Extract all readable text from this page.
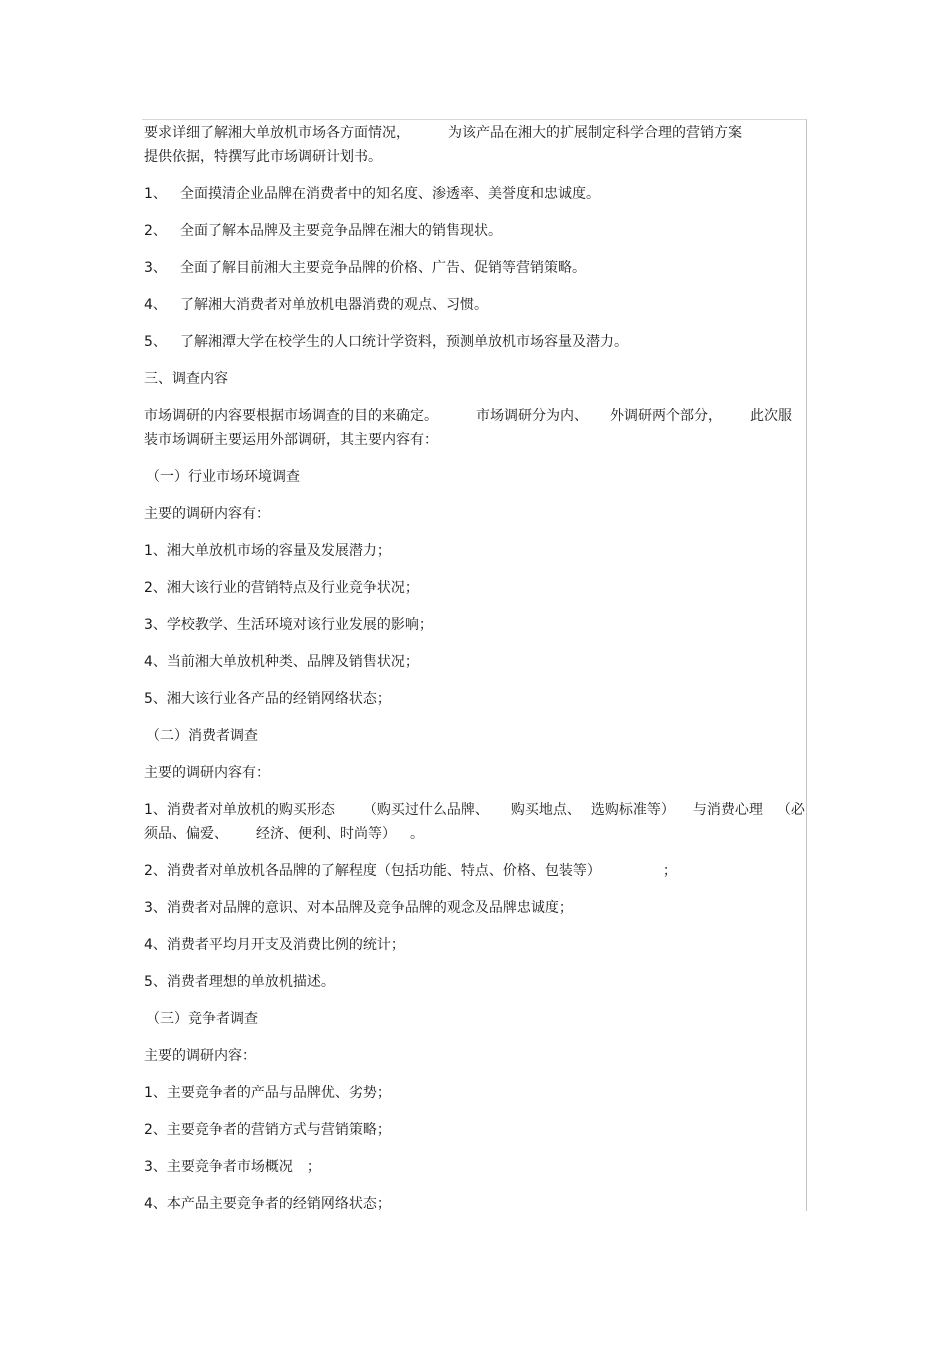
要求详细了解湘大单放机市场各方面情况，	为该产品在湘大的扩展制定科学合理的营销方案

提供依据，特撰写此市场调研计划书。

1、 全面摸清企业品牌在消费者中的知名度、渗透率、美誉度和忠诚度。

2、 全面了解本品牌及主要竞争品牌在湘大的销售现状。

3、 全面了解目前湘大主要竞争品牌的价格、广告、促销等营销策略。

4、 了解湘大消费者对单放机电器消费的观点、习惯。

5、 了解湘潭大学在校学生的人口统计学资料，预测单放机市场容量及潜力。

三、调查内容

市场调研的内容要根据市场调查的目的来确定。	市场调研分为内、 外调研两个部分， 此次服

装市场调研主要运用外部调研，其主要内容有：

（一）行业市场环境调查

主要的调研内容有：

1、湘大单放机市场的容量及发展潜力；

2、湘大该行业的营销特点及行业竞争状况；

3、学校教学、生活环境对该行业发展的影响；

4、当前湘大单放机种类、品牌及销售状况；

5、湘大该行业各产品的经销网络状态；

（二）消费者调查

主要的调研内容有：

1、消费者对单放机的购买形态 （购买过什么品牌、 购买地点、 选购标准等） 与消费心理 （必

须品、偏爱、 经济、便利、时尚等） 。

2、消费者对单放机各品牌的了解程度（包括功能、特点、价格、包装等）	；

3、消费者对品牌的意识、对本品牌及竞争品牌的观念及品牌忠诚度；

4、消费者平均月开支及消费比例的统计；

5、消费者理想的单放机描述。

（三）竞争者调查

主要的调研内容：

1、主要竞争者的产品与品牌优、劣势；

2、主要竞争者的营销方式与营销策略；

3、主要竞争者市场概况 ；

4、本产品主要竞争者的经销网络状态；
